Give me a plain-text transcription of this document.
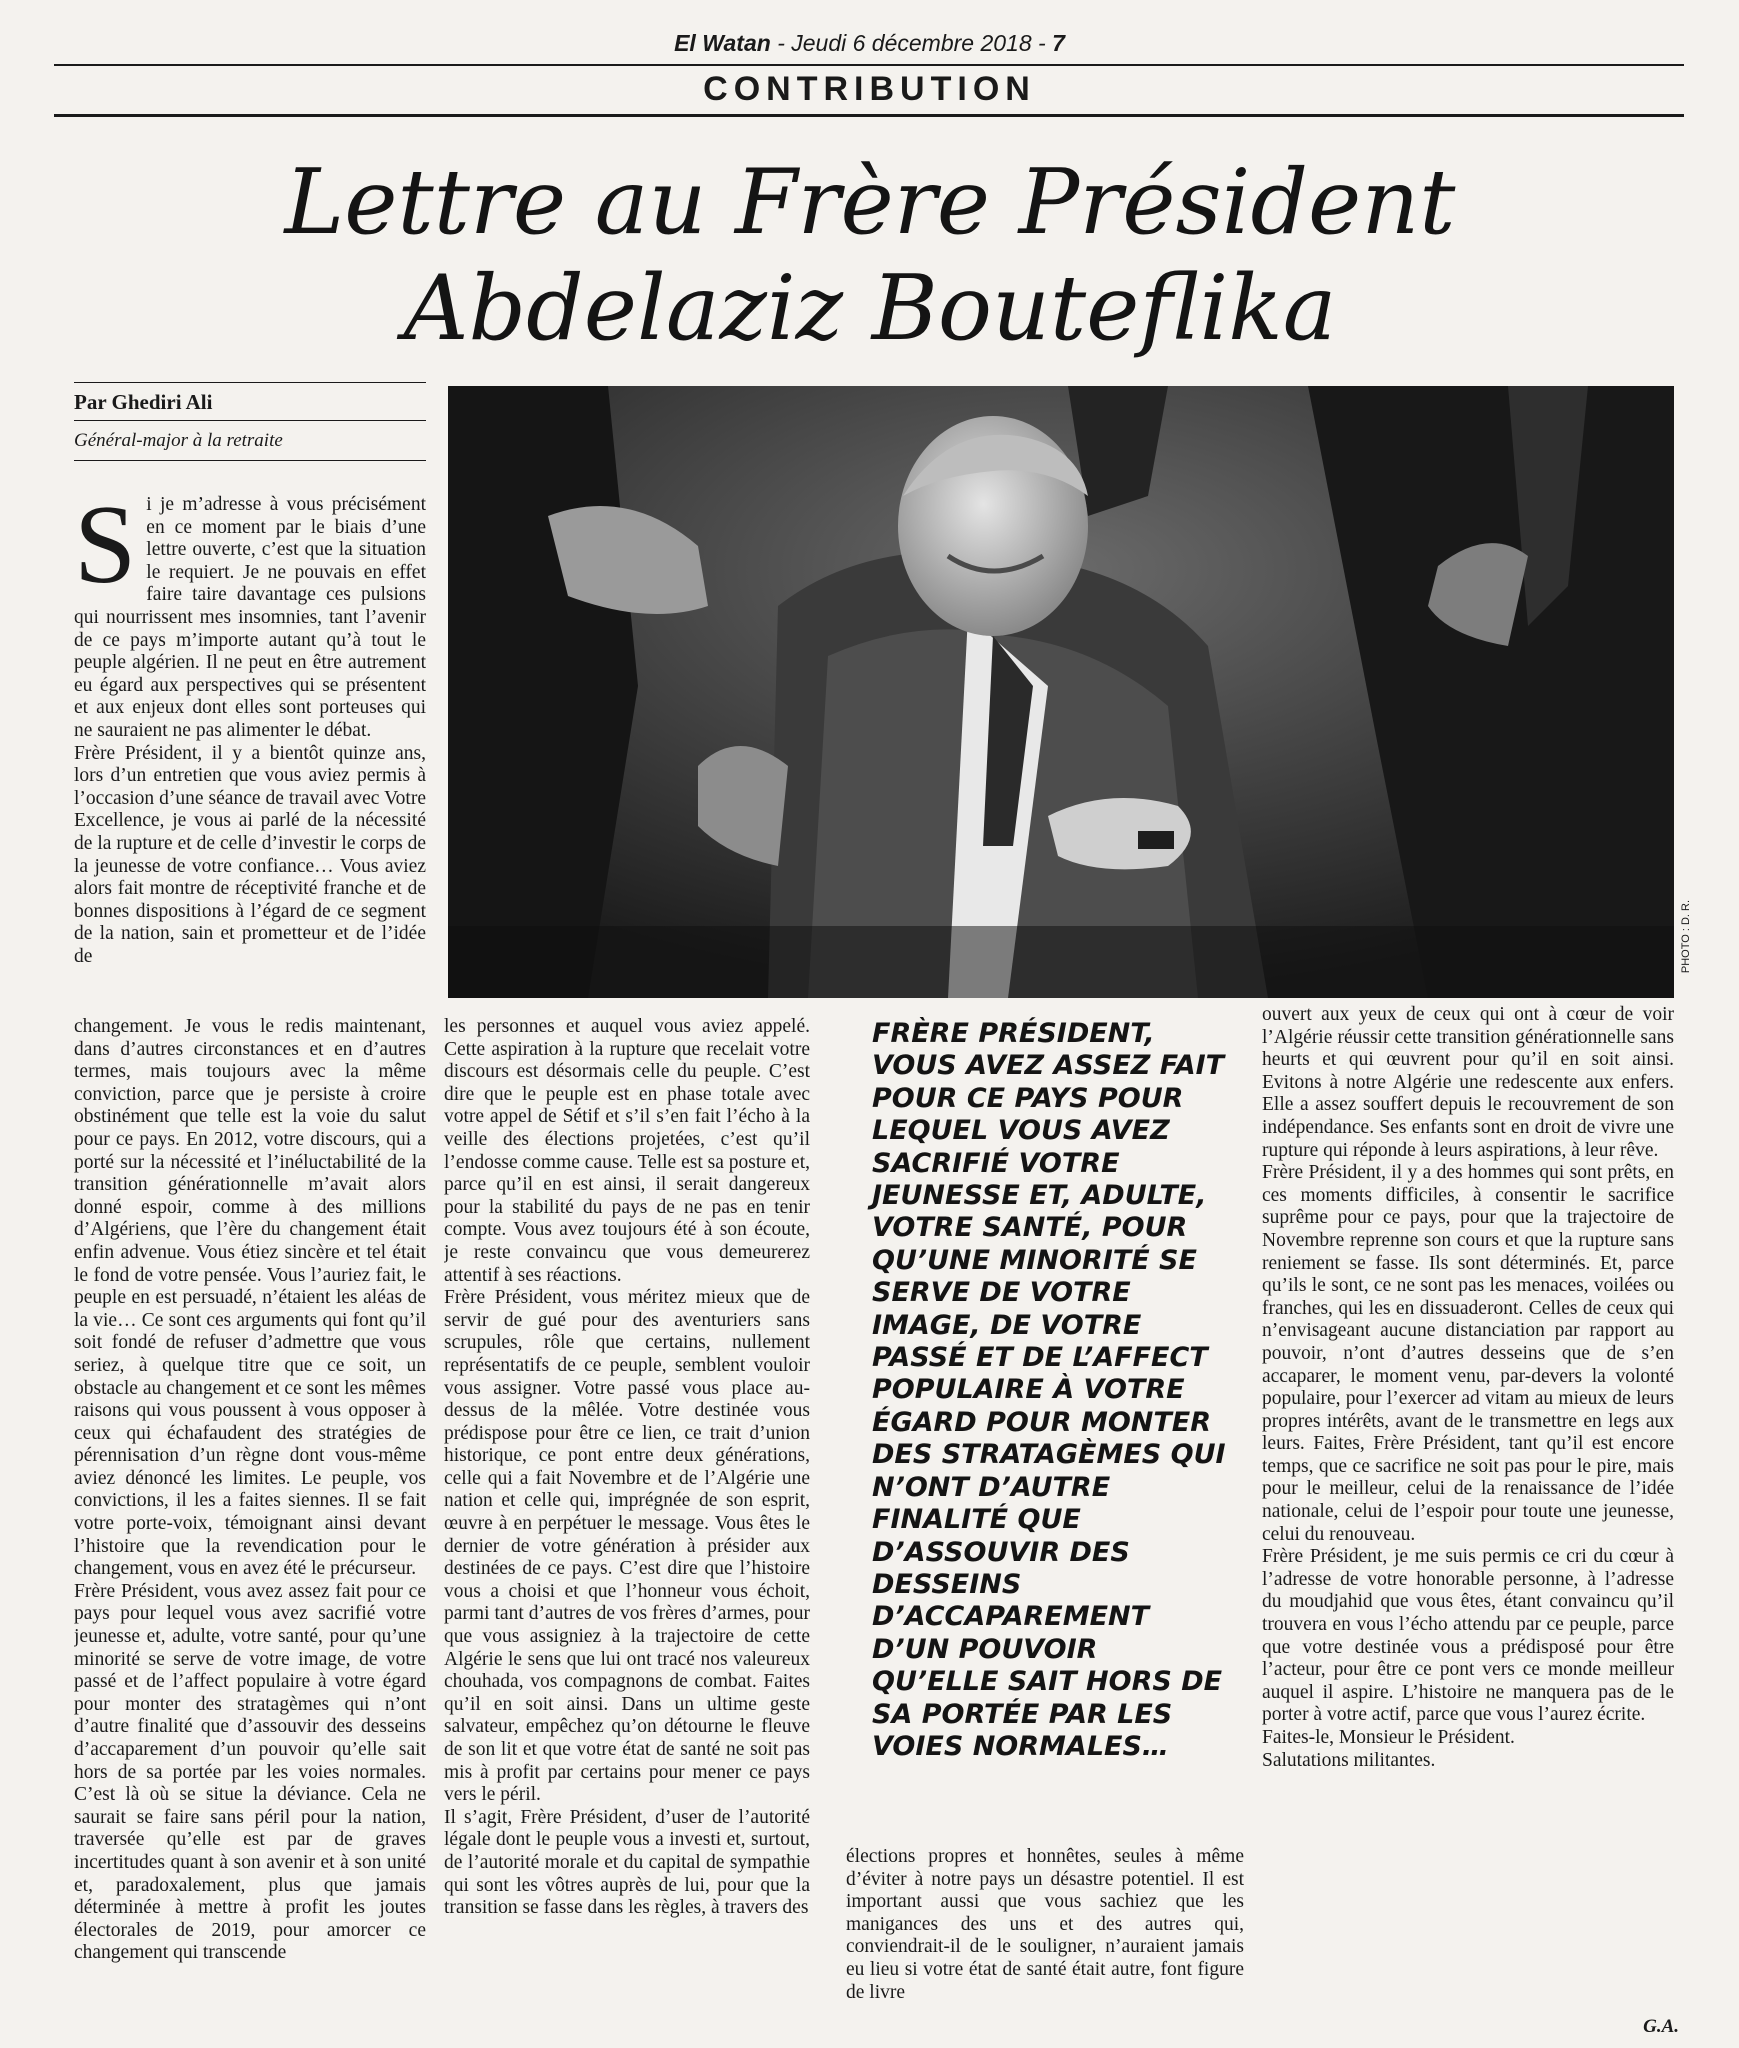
El Watan - Jeudi 6 décembre 2018 - 7
CONTRIBUTION
Lettre au Frère Président
Abdelaziz Bouteflika
Par Ghediri Ali
Général-major à la retraite
PHOTO : D. R.

Si je m’adresse à vous précisément en ce moment par le biais d’une lettre ouverte, c’est que la situation le requiert. Je ne pouvais en effet faire taire davantage ces pulsions qui nourrissent mes insomnies, tant l’avenir de ce pays m’importe autant qu’à tout le peuple algérien. Il ne peut en être autrement eu égard aux perspectives qui se présentent et aux enjeux dont elles sont porteuses qui ne sauraient ne pas alimenter le débat.

Frère Président, il y a bientôt quinze ans, lors d’un entretien que vous aviez permis à l’occasion d’une séance de travail avec Votre Excellence, je vous ai parlé de la nécessité de la rupture et de celle d’investir le corps de la jeunesse de votre confiance… Vous aviez alors fait montre de réceptivité franche et de bonnes dispositions à l’égard de ce segment de la nation, sain et prometteur et de l’idée de

changement. Je vous le redis maintenant, dans d’autres circonstances et en d’autres termes, mais toujours avec la même conviction, parce que je persiste à croire obstinément que telle est la voie du salut pour ce pays. En 2012, votre discours, qui a porté sur la nécessité et l’inéluctabilité de la transition générationnelle m’avait alors donné espoir, comme à des millions d’Algériens, que l’ère du changement était enfin advenue. Vous étiez sincère et tel était le fond de votre pensée. Vous l’auriez fait, le peuple en est persuadé, n’étaient les aléas de la vie… Ce sont ces arguments qui font qu’il soit fondé de refuser d’admettre que vous seriez, à quelque titre que ce soit, un obstacle au changement et ce sont les mêmes raisons qui vous poussent à vous opposer à ceux qui échafaudent des stratégies de pérennisation d’un règne dont vous-même aviez dénoncé les limites. Le peuple, vos convictions, il les a faites siennes. Il se fait votre porte-voix, témoignant ainsi devant l’histoire que la revendication pour le changement, vous en avez été le précurseur.

Frère Président, vous avez assez fait pour ce pays pour lequel vous avez sacrifié votre jeunesse et, adulte, votre santé, pour qu’une minorité se serve de votre image, de votre passé et de l’affect populaire à votre égard pour monter des stratagèmes qui n’ont d’autre finalité que d’assouvir des desseins d’accaparement d’un pouvoir qu’elle sait hors de sa portée par les voies normales. C’est là où se situe la déviance. Cela ne saurait se faire sans péril pour la nation, traversée qu’elle est par de graves incertitudes quant à son avenir et à son unité et, paradoxalement, plus que jamais déterminée à mettre à profit les joutes électorales de 2019, pour amorcer ce changement qui transcende

les personnes et auquel vous aviez appelé. Cette aspiration à la rupture que recelait votre discours est désormais celle du peuple. C’est dire que le peuple est en phase totale avec votre appel de Sétif et s’il s’en fait l’écho à la veille des élections projetées, c’est qu’il l’endosse comme cause. Telle est sa posture et, parce qu’il en est ainsi, il serait dangereux pour la stabilité du pays de ne pas en tenir compte. Vous avez toujours été à son écoute, je reste convaincu que vous demeurerez attentif à ses réactions.

Frère Président, vous méritez mieux que de servir de gué pour des aventuriers sans scrupules, rôle que certains, nullement représentatifs de ce peuple, semblent vouloir vous assigner. Votre passé vous place au-dessus de la mêlée. Votre destinée vous prédispose pour être ce lien, ce trait d’union historique, ce pont entre deux générations, celle qui a fait Novembre et de l’Algérie une nation et celle qui, imprégnée de son esprit, œuvre à en perpétuer le message. Vous êtes le dernier de votre génération à présider aux destinées de ce pays. C’est dire que l’histoire vous a choisi et que l’honneur vous échoit, parmi tant d’autres de vos frères d’armes, pour que vous assigniez à la trajectoire de cette Algérie le sens que lui ont tracé nos valeureux chouhada, vos compagnons de combat. Faites qu’il en soit ainsi. Dans un ultime geste salvateur, empêchez qu’on détourne le fleuve de son lit et que votre état de santé ne soit pas mis à profit par certains pour mener ce pays vers le péril.

Il s’agit, Frère Président, d’user de l’autorité légale dont le peuple vous a investi et, surtout, de l’autorité morale et du capital de sympathie qui sont les vôtres auprès de lui, pour que la transition se fasse dans les règles, à travers des

FRÈRE PRÉSIDENT, VOUS AVEZ ASSEZ FAIT POUR CE PAYS POUR LEQUEL VOUS AVEZ SACRIFIÉ VOTRE JEUNESSE ET, ADULTE, VOTRE SANTÉ, POUR QU’UNE MINORITÉ SE SERVE DE VOTRE IMAGE, DE VOTRE PASSÉ ET DE L’AFFECT POPULAIRE À VOTRE ÉGARD POUR MONTER DES STRATAGÈMES QUI N’ONT D’AUTRE FINALITÉ QUE D’ASSOUVIR DES DESSEINS D’ACCAPAREMENT D’UN POUVOIR QU’ELLE SAIT HORS DE SA PORTÉE PAR LES VOIES NORMALES…

élections propres et honnêtes, seules à même d’éviter à notre pays un désastre potentiel. Il est important aussi que vous sachiez que les manigances des uns et des autres qui, conviendrait-il de le souligner, n’auraient jamais eu lieu si votre état de santé était autre, font figure de livre

ouvert aux yeux de ceux qui ont à cœur de voir l’Algérie réussir cette transition générationnelle sans heurts et qui œuvrent pour qu’il en soit ainsi. Evitons à notre Algérie une redescente aux enfers. Elle a assez souffert depuis le recouvrement de son indépendance. Ses enfants sont en droit de vivre une rupture qui réponde à leurs aspirations, à leur rêve.

Frère Président, il y a des hommes qui sont prêts, en ces moments difficiles, à consentir le sacrifice suprême pour ce pays, pour que la trajectoire de Novembre reprenne son cours et que la rupture sans reniement se fasse. Ils sont déterminés. Et, parce qu’ils le sont, ce ne sont pas les menaces, voilées ou franches, qui les en dissuaderont. Celles de ceux qui n’envisageant aucune distanciation par rapport au pouvoir, n’ont d’autres desseins que de s’en accaparer, le moment venu, par-devers la volonté populaire, pour l’exercer ad vitam au mieux de leurs propres intérêts, avant de le transmettre en legs aux leurs. Faites, Frère Président, tant qu’il est encore temps, que ce sacrifice ne soit pas pour le pire, mais pour le meilleur, celui de la renaissance de l’idée nationale, celui de l’espoir pour toute une jeunesse, celui du renouveau.

Frère Président, je me suis permis ce cri du cœur à l’adresse de votre honorable personne, à l’adresse du moudjahid que vous êtes, étant convaincu qu’il trouvera en vous l’écho attendu par ce peuple, parce que votre destinée vous a prédisposé pour être l’acteur, pour être ce pont vers ce monde meilleur auquel il aspire. L’histoire ne manquera pas de le porter à votre actif, parce que vous l’aurez écrite.

Faites-le, Monsieur le Président.

Salutations militantes.

G.A.
